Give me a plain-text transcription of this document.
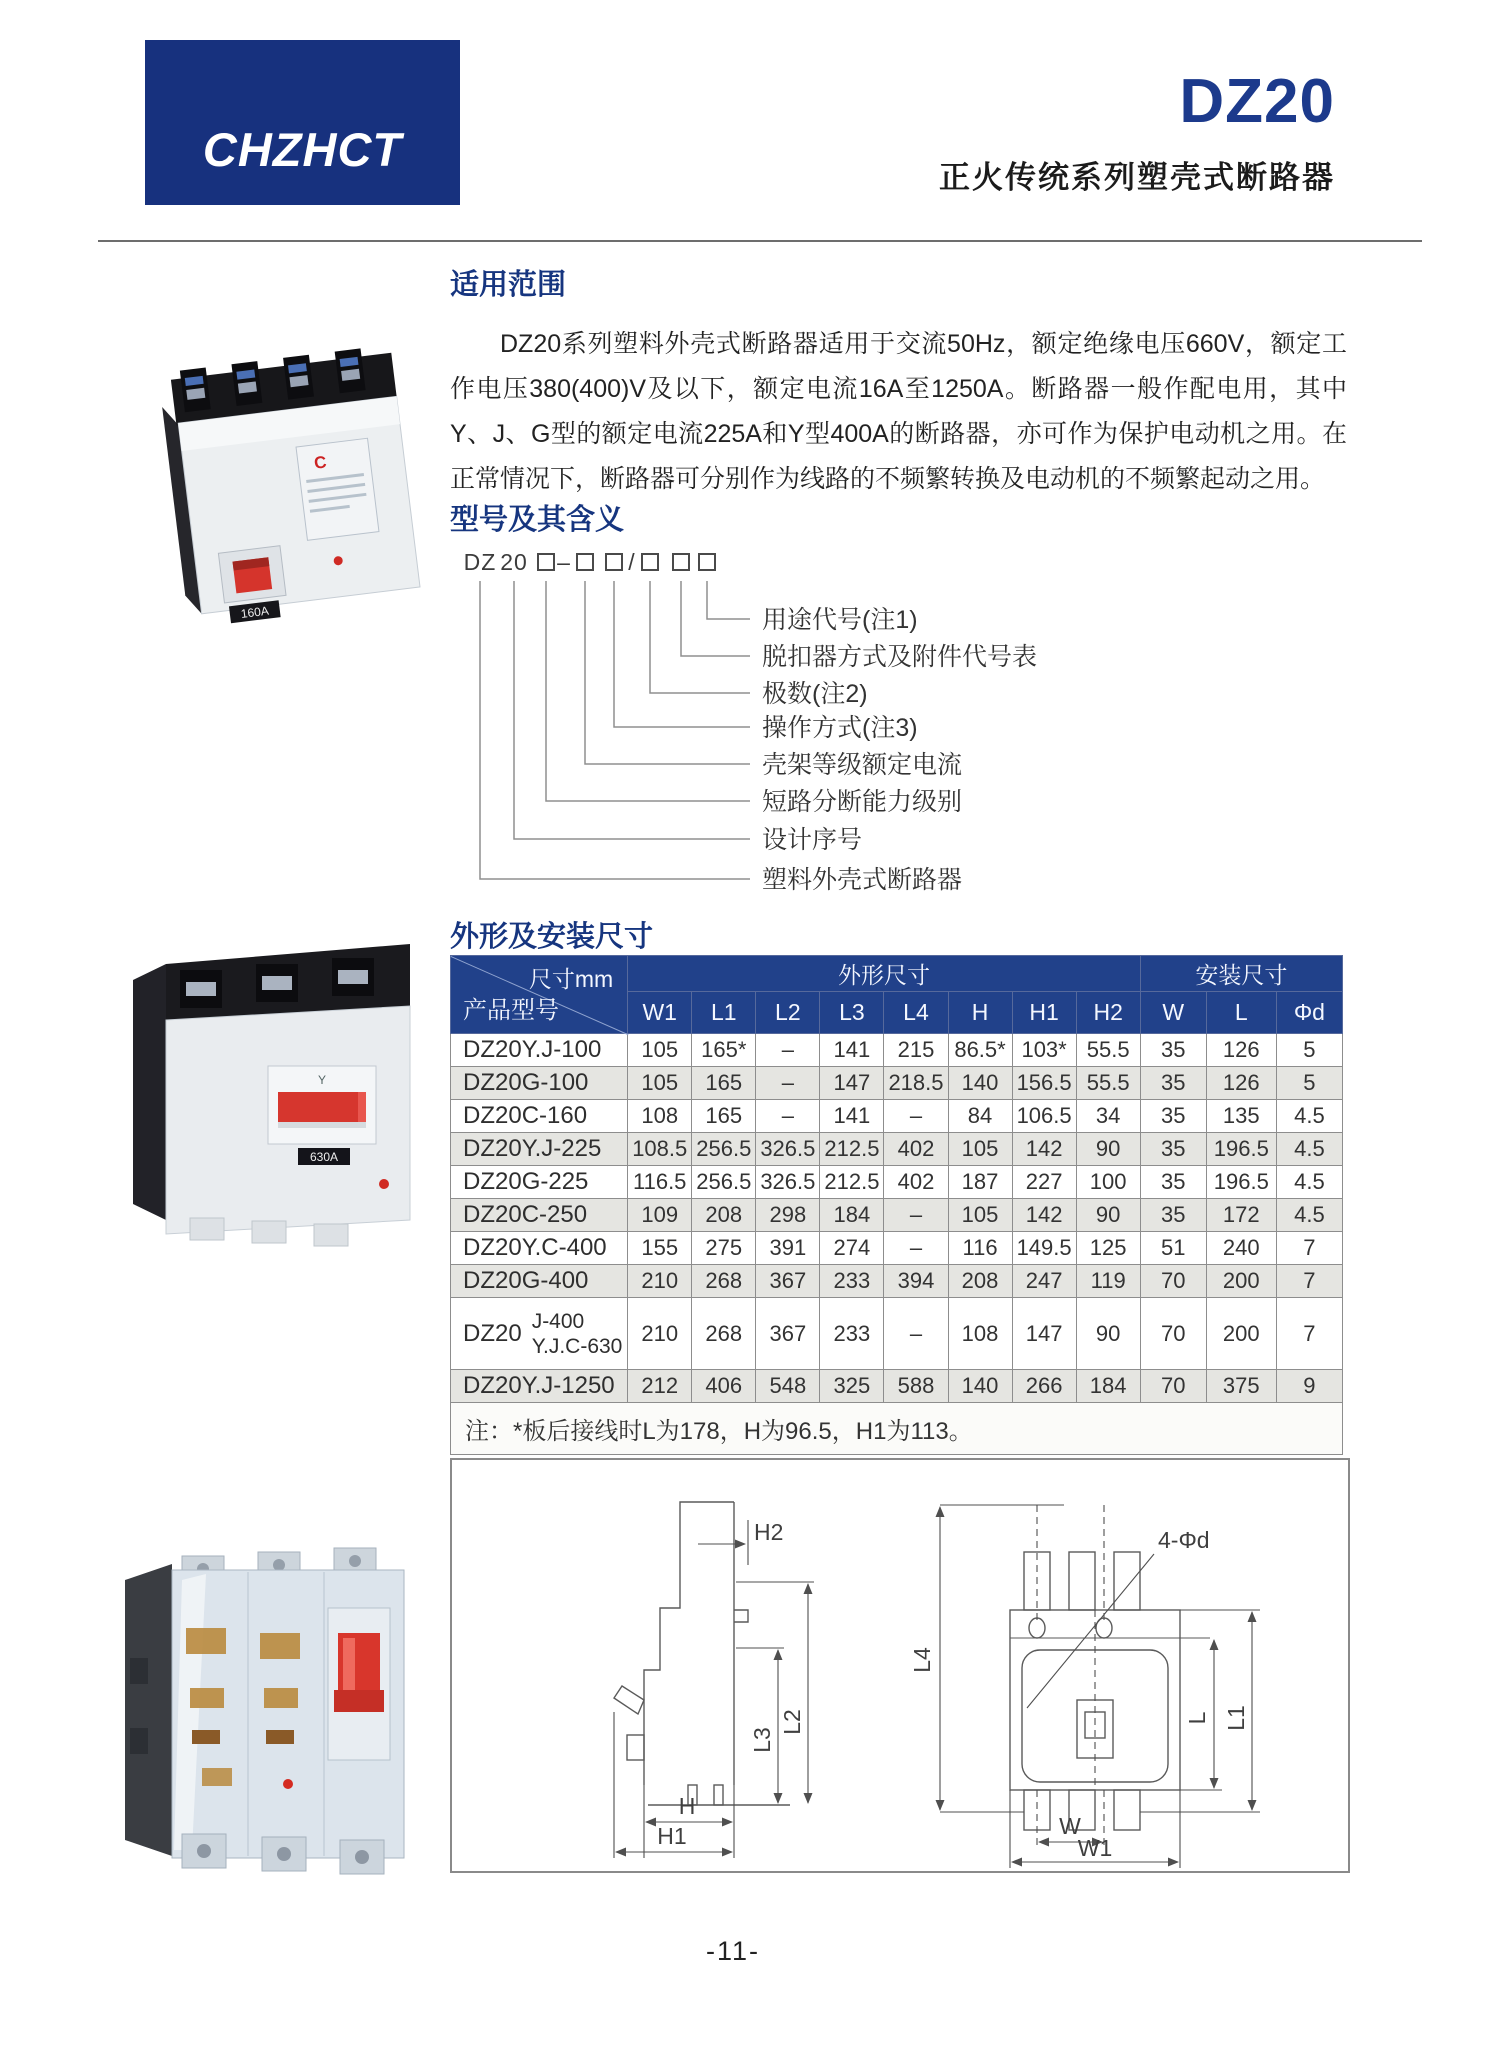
CHZHCT
DZ20
正火传统系列塑壳式断路器
C
160A
Y
630A
适用范围

DZ20系列塑料外壳式断路器适用于交流50Hz，额定绝缘电压660V，额定工作电压380(400)V及以下，额定电流16A至1250A。断路器一般作配电用，其中Y、J、G型的额定电流225A和Y型400A的断路器，亦可作为保护电动机之用。在正常情况下，断路器可分别作为线路的不频繁转换及电动机的不频繁起动之用。

型号及其含义
DZ 20 – /
用途代号(注1)
脱扣器方式及附件代号表
极数(注2)
操作方式(注3)
壳架等级额定电流
短路分断能力级别
设计序号
塑料外壳式断路器
外形及安装尺寸
尺寸mm
产品型号	外形尺寸								安装尺寸		
	W1	L1	L2	L3	L4	H	H1	H2	W	L	Φd
DZ20Y.J-100	105	165*	–	141	215	86.5*	103*	55.5	35	126	5
DZ20G-100	105	165	–	147	218.5	140	156.5	55.5	35	126	5
DZ20C-160	108	165	–	141	–	84	106.5	34	35	135	4.5
DZ20Y.J-225	108.5	256.5	326.5	212.5	402	105	142	90	35	196.5	4.5
DZ20G-225	116.5	256.5	326.5	212.5	402	187	227	100	35	196.5	4.5
DZ20C-250	109	208	298	184	–	105	142	90	35	172	4.5
DZ20Y.C-400	155	275	391	274	–	116	149.5	125	51	240	7
DZ20G-400	210	268	367	233	394	208	247	119	70	200	7

DZ20 J-400
Y.J.C-630	210	268	367	233	–	108	147	90	70	200	7
DZ20Y.J-1250	212	406	548	325	588	140	266	184	70	375	9
注：*板后接线时L为178，H为96.5，H1为113。											
H2
L3
L2
H
H1
L4
4-Φd
L L1
W
W1
-11-
